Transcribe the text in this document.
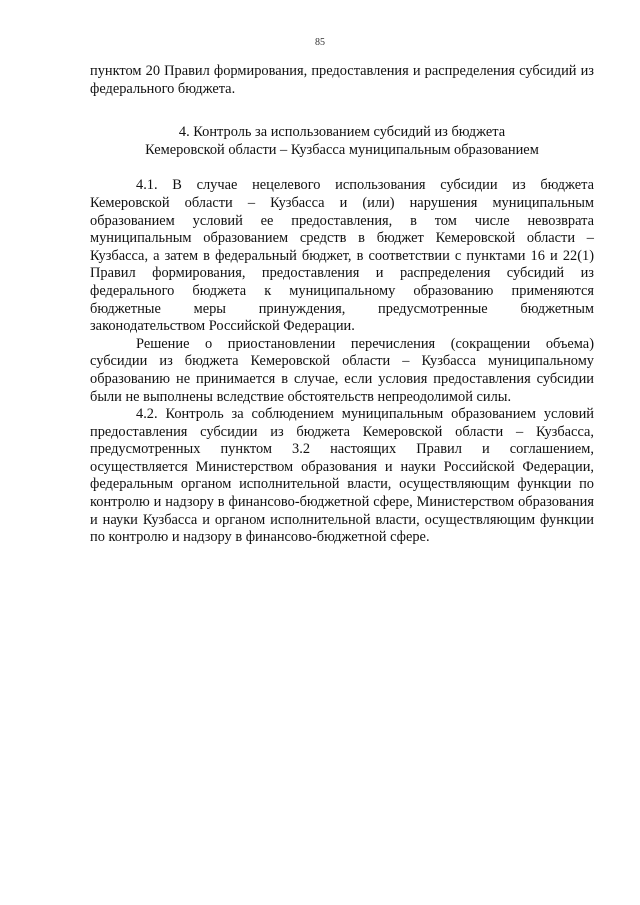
85

пунктом 20 Правил формирования, предоставления и распределения субсидий из федерального бюджета.

4. Контроль за использованием субсидий из бюджета
Кемеровской области – Кузбасса муниципальным образованием

4.1. В случае нецелевого использования субсидии из бюджета Кемеровской области – Кузбасса и (или) нарушения муниципальным образованием условий ее предоставления, в том числе невозврата муниципальным образованием средств в бюджет Кемеровской области – Кузбасса, а затем в федеральный бюджет, в соответствии с пунктами 16 и 22(1) Правил формирования, предоставления и распределения субсидий из федерального бюджета к муниципальному образованию применяются бюджетные меры принуждения, предусмотренные бюджетным законодательством Российской Федерации.

Решение о приостановлении перечисления (сокращении объема) субсидии из бюджета Кемеровской области – Кузбасса муниципальному образованию не принимается в случае, если условия предоставления субсидии были не выполнены вследствие обстоятельств непреодолимой силы.

4.2. Контроль за соблюдением муниципальным образованием условий предоставления субсидии из бюджета Кемеровской области – Кузбасса, предусмотренных пунктом 3.2 настоящих Правил и соглашением, осуществляется Министерством образования и науки Российской Федерации, федеральным органом исполнительной власти, осуществляющим функции по контролю и надзору в финансово-бюджетной сфере, Министерством образования и науки Кузбасса и органом исполнительной власти, осуществляющим функции по контролю и надзору в финансово-бюджетной сфере.
